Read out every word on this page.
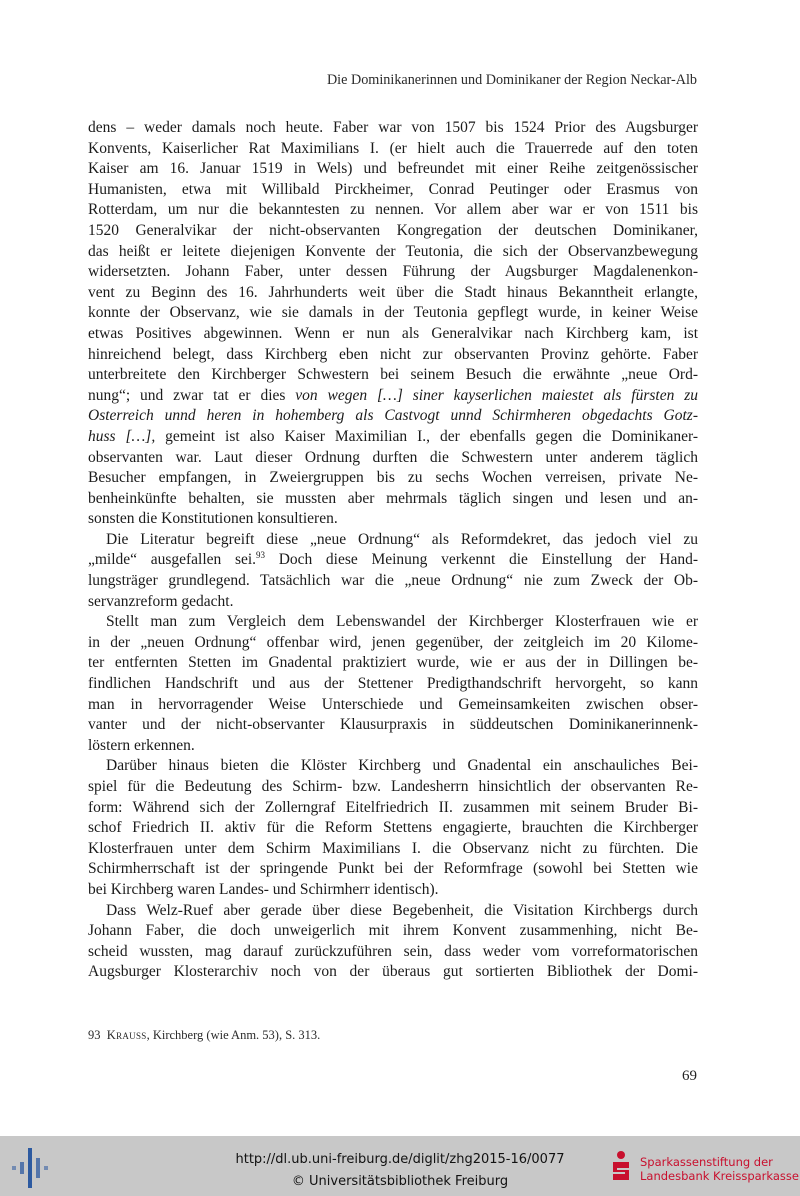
Die Dominikanerinnen und Dominikaner der Region Neckar-Alb
dens – weder damals noch heute. Faber war von 1507 bis 1524 Prior des Augsburger
Konvents, Kaiserlicher Rat Maximilians I. (er hielt auch die Trauerrede auf den toten
Kaiser am 16. Januar 1519 in Wels) und befreundet mit einer Reihe zeitgenössischer
Humanisten, etwa mit Willibald Pirckheimer, Conrad Peutinger oder Erasmus von
Rotterdam, um nur die bekanntesten zu nennen. Vor allem aber war er von 1511 bis
1520 Generalvikar der nicht-observanten Kongregation der deutschen Dominikaner,
das heißt er leitete diejenigen Konvente der Teutonia, die sich der Observanzbewegung
widersetzten. Johann Faber, unter dessen Führung der Augsburger Magdalenenkon-
vent zu Beginn des 16. Jahrhunderts weit über die Stadt hinaus Bekanntheit erlangte,
konnte der Observanz, wie sie damals in der Teutonia gepflegt wurde, in keiner Weise
etwas Positives abgewinnen. Wenn er nun als Generalvikar nach Kirchberg kam, ist
hinreichend belegt, dass Kirchberg eben nicht zur observanten Provinz gehörte. Faber
unterbreitete den Kirchberger Schwestern bei seinem Besuch die erwähnte „neue Ord-
nung“; und zwar tat er dies von wegen […] siner kayserlichen maiestet als fürsten zu
Osterreich unnd heren in hohemberg als Castvogt unnd Schirmheren obgedachts Gotz-
huss […], gemeint ist also Kaiser Maximilian I., der ebenfalls gegen die Dominikaner-
observanten war. Laut dieser Ordnung durften die Schwestern unter anderem täglich
Besucher empfangen, in Zweiergruppen bis zu sechs Wochen verreisen, private Ne-
benheinkünfte behalten, sie mussten aber mehrmals täglich singen und lesen und an-
sonsten die Konstitutionen konsultieren.
Die Literatur begreift diese „neue Ordnung“ als Reformdekret, das jedoch viel zu
„milde“ ausgefallen sei.$^{93}$ Doch diese Meinung verkennt die Einstellung der Hand-
lungsträger grundlegend. Tatsächlich war die „neue Ordnung“ nie zum Zweck der Ob-
servanzreform gedacht.
Stellt man zum Vergleich dem Lebenswandel der Kirchberger Klosterfrauen wie er
in der „neuen Ordnung“ offenbar wird, jenen gegenüber, der zeitgleich im 20 Kilome-
ter entfernten Stetten im Gnadental praktiziert wurde, wie er aus der in Dillingen be-
findlichen Handschrift und aus der Stettener Predigthandschrift hervorgeht, so kann
man in hervorragender Weise Unterschiede und Gemeinsamkeiten zwischen obser-
vanter und der nicht-observanter Klausurpraxis in süddeutschen Dominikanerinnenk-
löstern erkennen.
Darüber hinaus bieten die Klöster Kirchberg und Gnadental ein anschauliches Bei-
spiel für die Bedeutung des Schirm- bzw. Landesherrn hinsichtlich der observanten Re-
form: Während sich der Zollerngraf Eitelfriedrich II. zusammen mit seinem Bruder Bi-
schof Friedrich II. aktiv für die Reform Stettens engagierte, brauchten die Kirchberger
Klosterfrauen unter dem Schirm Maximilians I. die Observanz nicht zu fürchten. Die
Schirmherrschaft ist der springende Punkt bei der Reformfrage (sowohl bei Stetten wie
bei Kirchberg waren Landes- und Schirmherr identisch).
Dass Welz-Ruef aber gerade über diese Begebenheit, die Visitation Kirchbergs durch
Johann Faber, die doch unweigerlich mit ihrem Konvent zusammenhing, nicht Be-
scheid wussten, mag darauf zurückzuführen sein, dass weder vom vorreformatorischen
Augsburger Klosterarchiv noch von der überaus gut sortierten Bibliothek der Domi-
93 Krauss, Kirchberg (wie Anm. 53), S. 313.
69
http://dl.ub.uni-freiburg.de/diglit/zhg2015-16/0077
© Universitätsbibliothek Freiburg
Sparkassenstiftung der
Landesbank Kreissparkasse
